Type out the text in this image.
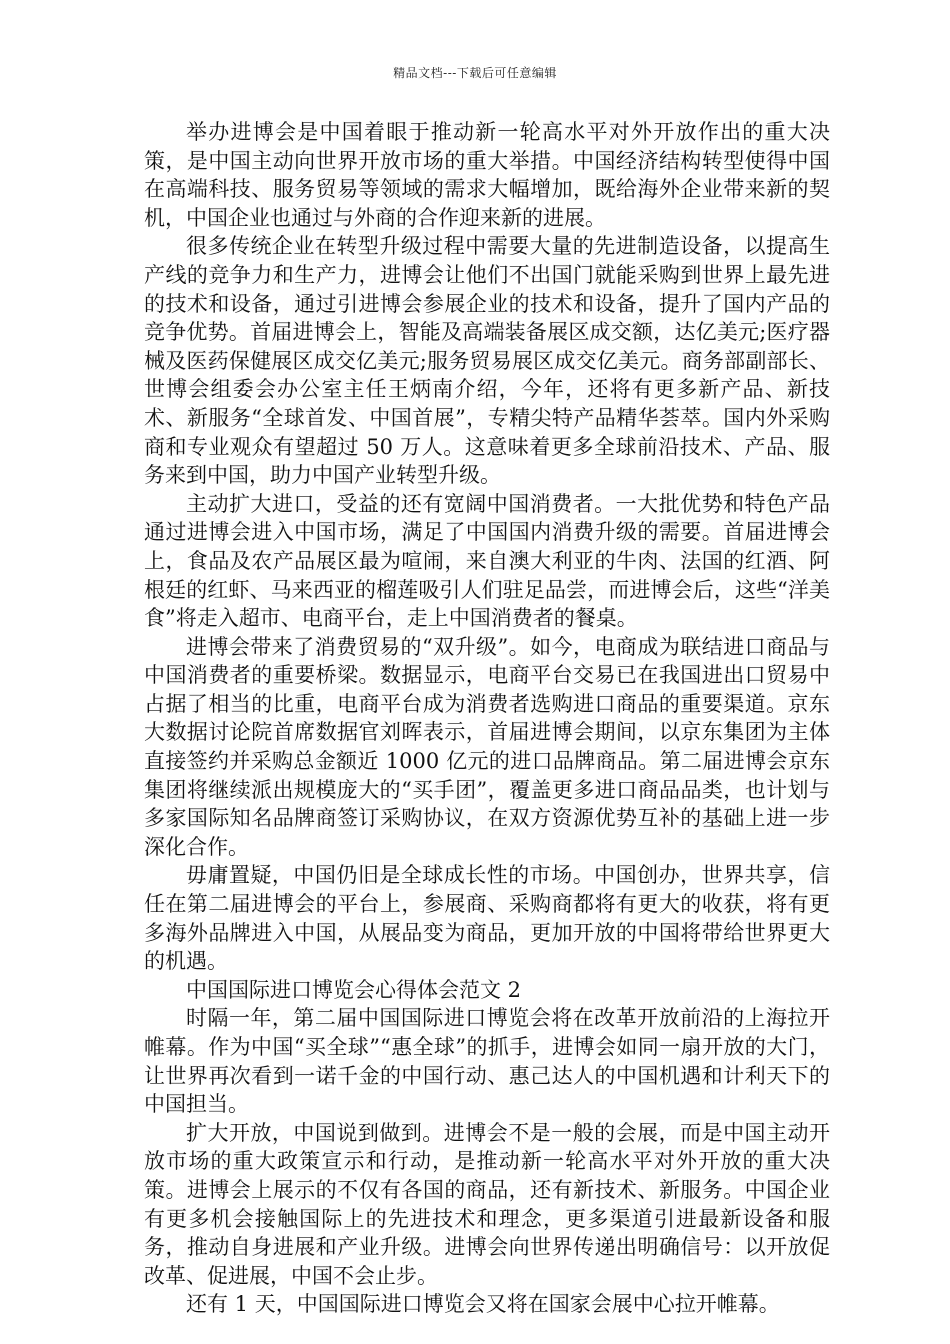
精品文档---下载后可任意编辑

举办进博会是中国着眼于推动新一轮高水平对外开放作出的重大决策，是中国主动向世界开放市场的重大举措。中国经济结构转型使得中国在高端科技、服务贸易等领域的需求大幅增加，既给海外企业带来新的契机，中国企业也通过与外商的合作迎来新的进展。

很多传统企业在转型升级过程中需要大量的先进制造设备，以提高生产线的竞争力和生产力，进博会让他们不出国门就能采购到世界上最先进的技术和设备，通过引进博会参展企业的技术和设备，提升了国内产品的竞争优势。首届进博会上，智能及高端装备展区成交额，达亿美元;医疗器械及医药保健展区成交亿美元;服务贸易展区成交亿美元。商务部副部长、世博会组委会办公室主任王炳南介绍，今年，还将有更多新产品、新技术、新服务“全球首发、中国首展”，专精尖特产品精华荟萃。国内外采购商和专业观众有望超过 50 万人。这意味着更多全球前沿技术、产品、服务来到中国，助力中国产业转型升级。

主动扩大进口，受益的还有宽阔中国消费者。一大批优势和特色产品通过进博会进入中国市场，满足了中国国内消费升级的需要。首届进博会上，食品及农产品展区最为喧闹，来自澳大利亚的牛肉、法国的红酒、阿根廷的红虾、马来西亚的榴莲吸引人们驻足品尝，而进博会后，这些“洋美食”将走入超市、电商平台，走上中国消费者的餐桌。

进博会带来了消费贸易的“双升级”。如今，电商成为联结进口商品与中国消费者的重要桥梁。数据显示，电商平台交易已在我国进出口贸易中占据了相当的比重，电商平台成为消费者选购进口商品的重要渠道。京东大数据讨论院首席数据官刘晖表示，首届进博会期间，以京东集团为主体直接签约并采购总金额近 1000 亿元的进口品牌商品。第二届进博会京东集团将继续派出规模庞大的“买手团”，覆盖更多进口商品品类，也计划与多家国际知名品牌商签订采购协议，在双方资源优势互补的基础上进一步深化合作。

毋庸置疑，中国仍旧是全球成长性的市场。中国创办，世界共享，信任在第二届进博会的平台上，参展商、采购商都将有更大的收获，将有更多海外品牌进入中国，从展品变为商品，更加开放的中国将带给世界更大的机遇。

中国国际进口博览会心得体会范文 2

时隔一年，第二届中国国际进口博览会将在改革开放前沿的上海拉开帷幕。作为中国“买全球”“惠全球”的抓手，进博会如同一扇开放的大门，让世界再次看到一诺千金的中国行动、惠己达人的中国机遇和计利天下的中国担当。

扩大开放，中国说到做到。进博会不是一般的会展，而是中国主动开放市场的重大政策宣示和行动，是推动新一轮高水平对外开放的重大决策。进博会上展示的不仅有各国的商品，还有新技术、新服务。中国企业有更多机会接触国际上的先进技术和理念，更多渠道引进最新设备和服务，推动自身进展和产业升级。进博会向世界传递出明确信号：以开放促改革、促进展，中国不会止步。

还有 1 天，中国国际进口博览会又将在国家会展中心拉开帷幕。
